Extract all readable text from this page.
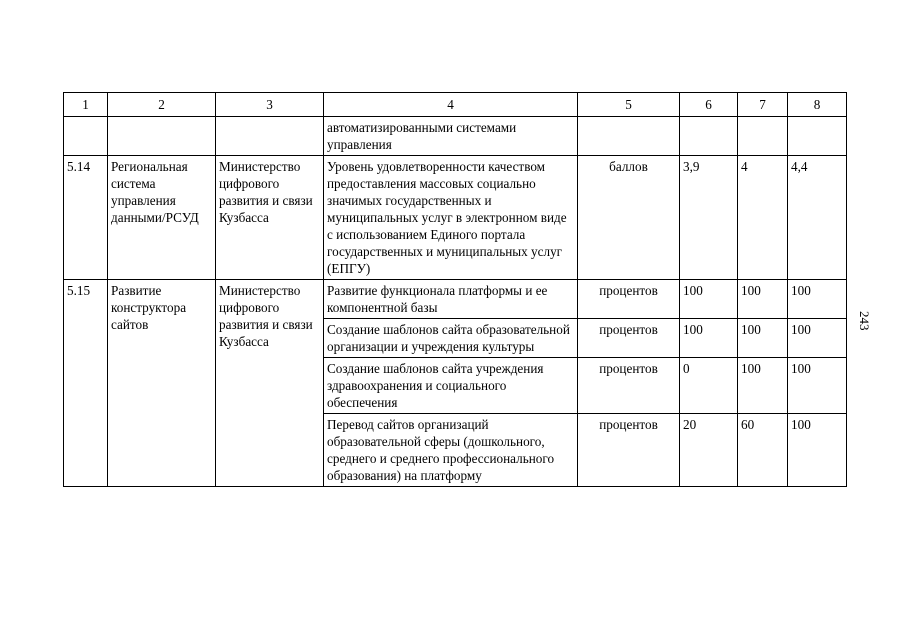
1	2	3	4	5	6	7	8
			автоматизированными системами управления				
5.14	Региональная система управления данными/РСУД	Министерство цифрового развития и связи Кузбасса	Уровень удовлетворенности качеством предоставления массовых социально значимых государственных и муниципальных услуг в электронном виде с использованием Единого портала государственных и муниципальных услуг (ЕПГУ)	баллов	3,9	4	4,4
5.15	Развитие конструктора сайтов	Министерство цифрового развития и связи Кузбасса	Развитие функционала платформы и ее компонентной базы	процентов	100	100	100
			Создание шаблонов сайта образовательной организации и учреждения культуры	процентов	100	100	100
			Создание шаблонов сайта учреждения здравоохранения и социального обеспечения	процентов	0	100	100
			Перевод сайтов организаций образовательной сферы (дошкольного, среднего и среднего профессионального образования) на платформу	процентов	20	60	100
243
